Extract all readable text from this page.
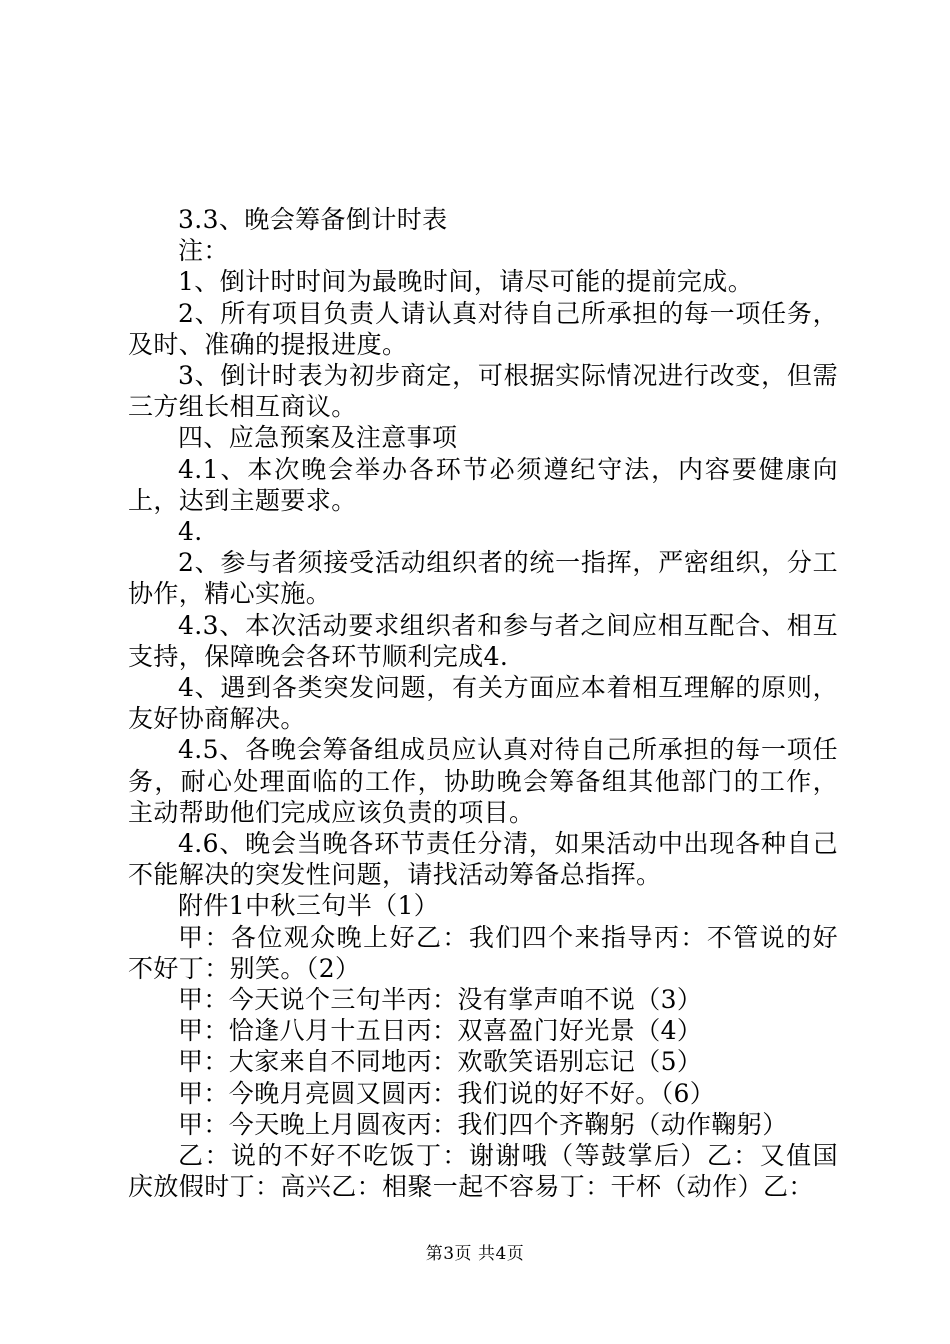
3.3、晚会筹备倒计时表

注：

1、倒计时时间为最晚时间，请尽可能的提前完成。

2、所有项目负责人请认真对待自己所承担的每一项任务，及时、准确的提报进度。

3、倒计时表为初步商定，可根据实际情况进行改变，但需三方组长相互商议。

四、应急预案及注意事项

4.1、本次晚会举办各环节必须遵纪守法，内容要健康向上，达到主题要求。

4.

2、参与者须接受活动组织者的统一指挥，严密组织，分工协作，精心实施。

4.3、本次活动要求组织者和参与者之间应相互配合、相互支持，保障晚会各环节顺利完成4.

4、遇到各类突发问题，有关方面应本着相互理解的原则，友好协商解决。

4.5、各晚会筹备组成员应认真对待自己所承担的每一项任务，耐心处理面临的工作，协助晚会筹备组其他部门的工作，主动帮助他们完成应该负责的项目。

4.6、晚会当晚各环节责任分清，如果活动中出现各种自己不能解决的突发性问题，请找活动筹备总指挥。

附件1中秋三句半（1）

甲：各位观众晚上好乙：我们四个来指导丙：不管说的好不好丁：别笑。（2）

甲：今天说个三句半丙：没有掌声咱不说（3）

甲：恰逢八月十五日丙：双喜盈门好光景（4）

甲：大家来自不同地丙：欢歌笑语别忘记（5）

甲：今晚月亮圆又圆丙：我们说的好不好。（6）

甲：今天晚上月圆夜丙：我们四个齐鞠躬（动作鞠躬）

乙：说的不好不吃饭丁：谢谢哦（等鼓掌后）乙：又值国庆放假时丁：高兴乙：相聚一起不容易丁：干杯（动作）乙：

第3页 共4页
